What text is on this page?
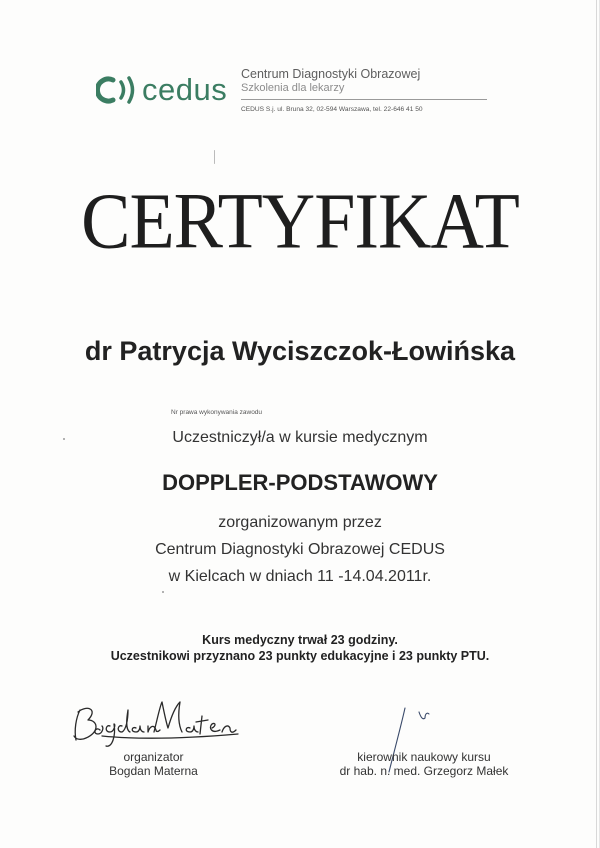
cedus Centrum Diagnostyki Obrazowej
Szkolenia dla lekarzy
CEDUS S.j. ul. Bruna 32, 02-594 Warszawa, tel. 22-646 41 50
CERTYFIKAT
dr Patrycja Wyciszczok-Łowińska
Nr prawa wykonywania zawodu
Uczestniczył/a w kursie medycznym
DOPPLER-PODSTAWOWY
zorganizowanym przez
Centrum Diagnostyki Obrazowej CEDUS
w Kielcach w dniach 11 -14.04.2011r.
Kurs medyczny trwał 23 godziny.
Uczestnikowi przyznano 23 punkty edukacyjne i 23 punkty PTU.
organizator
Bogdan Materna
kierownik naukowy kursu
dr hab. n. med. Grzegorz Małek
